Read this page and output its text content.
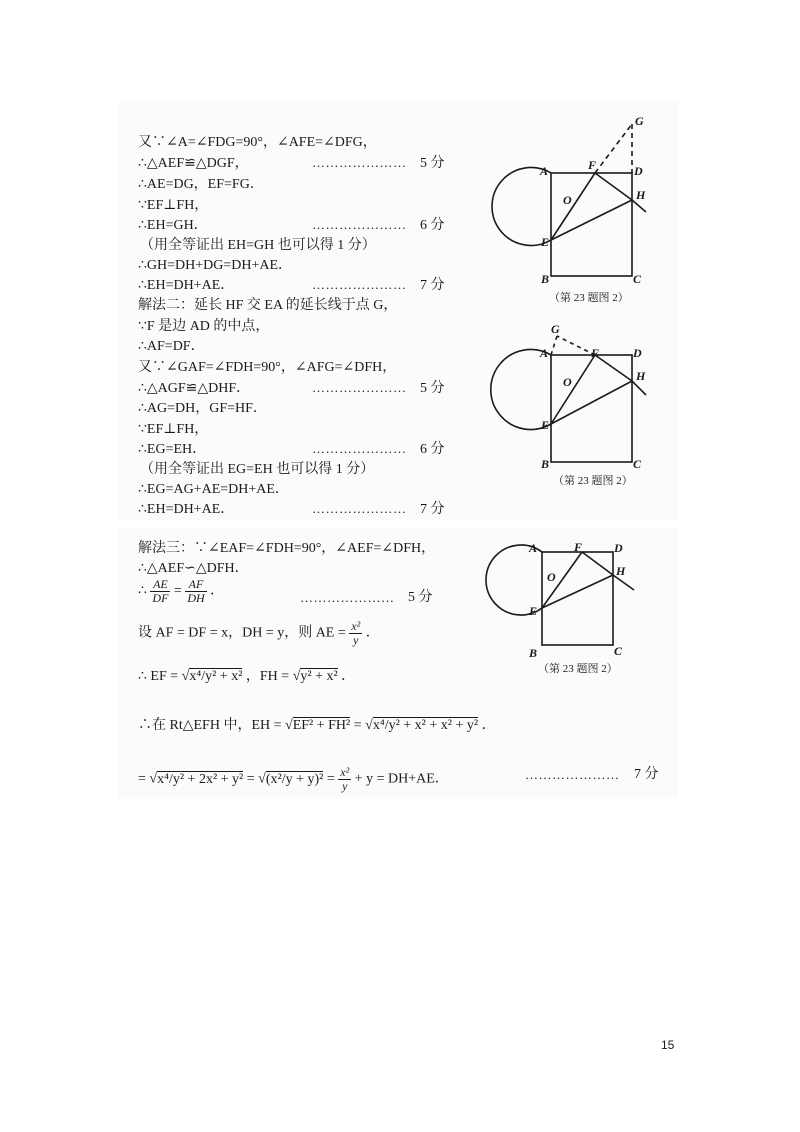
又∵∠A=∠FDG=90°，∠AFE=∠DFG，
∴△AEF≌△DGF，	………………… 5 分
∴AE=DG，EF=FG．
∵EF⊥FH，
∴EH=GH．	………………… 6 分
（用全等证出 EH=GH 也可以得 1 分）
∴GH=DH+DG=DH+AE．
∴EH=DH+AE．	………………… 7 分
解法二：延长 HF 交 EA 的延长线于点 G，
∵F 是边 AD 的中点，
∴AF=DF．
又∵∠GAF=∠FDH=90°，∠AFG=∠DFH，
∴△AGF≌△DHF．	………………… 5 分
∴AG=DH，GF=HF．
∵EF⊥FH，
∴EG=EH．	………………… 6 分
（用全等证出 EG=EH 也可以得 1 分）
∴EG=AG+AE=DH+AE．
∴EH=DH+AE．	………………… 7 分
解法三：∵∠EAF=∠FDH=90°，∠AEF=∠DFH，
∴△AEF∽△DFH．
∴ $\frac{AE}{DF} = \frac{AF}{DH}$ ．	………………… 5 分
设 AF = DF = x，DH = y，则 AE = $\frac{\text{x²}}{y}$ ．
∴ EF = √x⁴/y² + x² ，FH = √y² + x² ．
∴在 Rt△EFH 中，EH = √EF² + FH² = √x⁴/y² + x² + x² + y² ．
= $√x^4/y^2 + 2x^2 + y^2 = √(x^2/y + y)^2 = \frac{\text{x²}}{y} + y = DH+AE$．	………………… 7 分
A	F	D
G
O	H
E
B	C
（第 23 题图 2）
G
A	F	D
O	H
E
B	C
（第 23 题图 2）
A	F	D
O	H
E
B	C
（第 23 题图 2）
15
